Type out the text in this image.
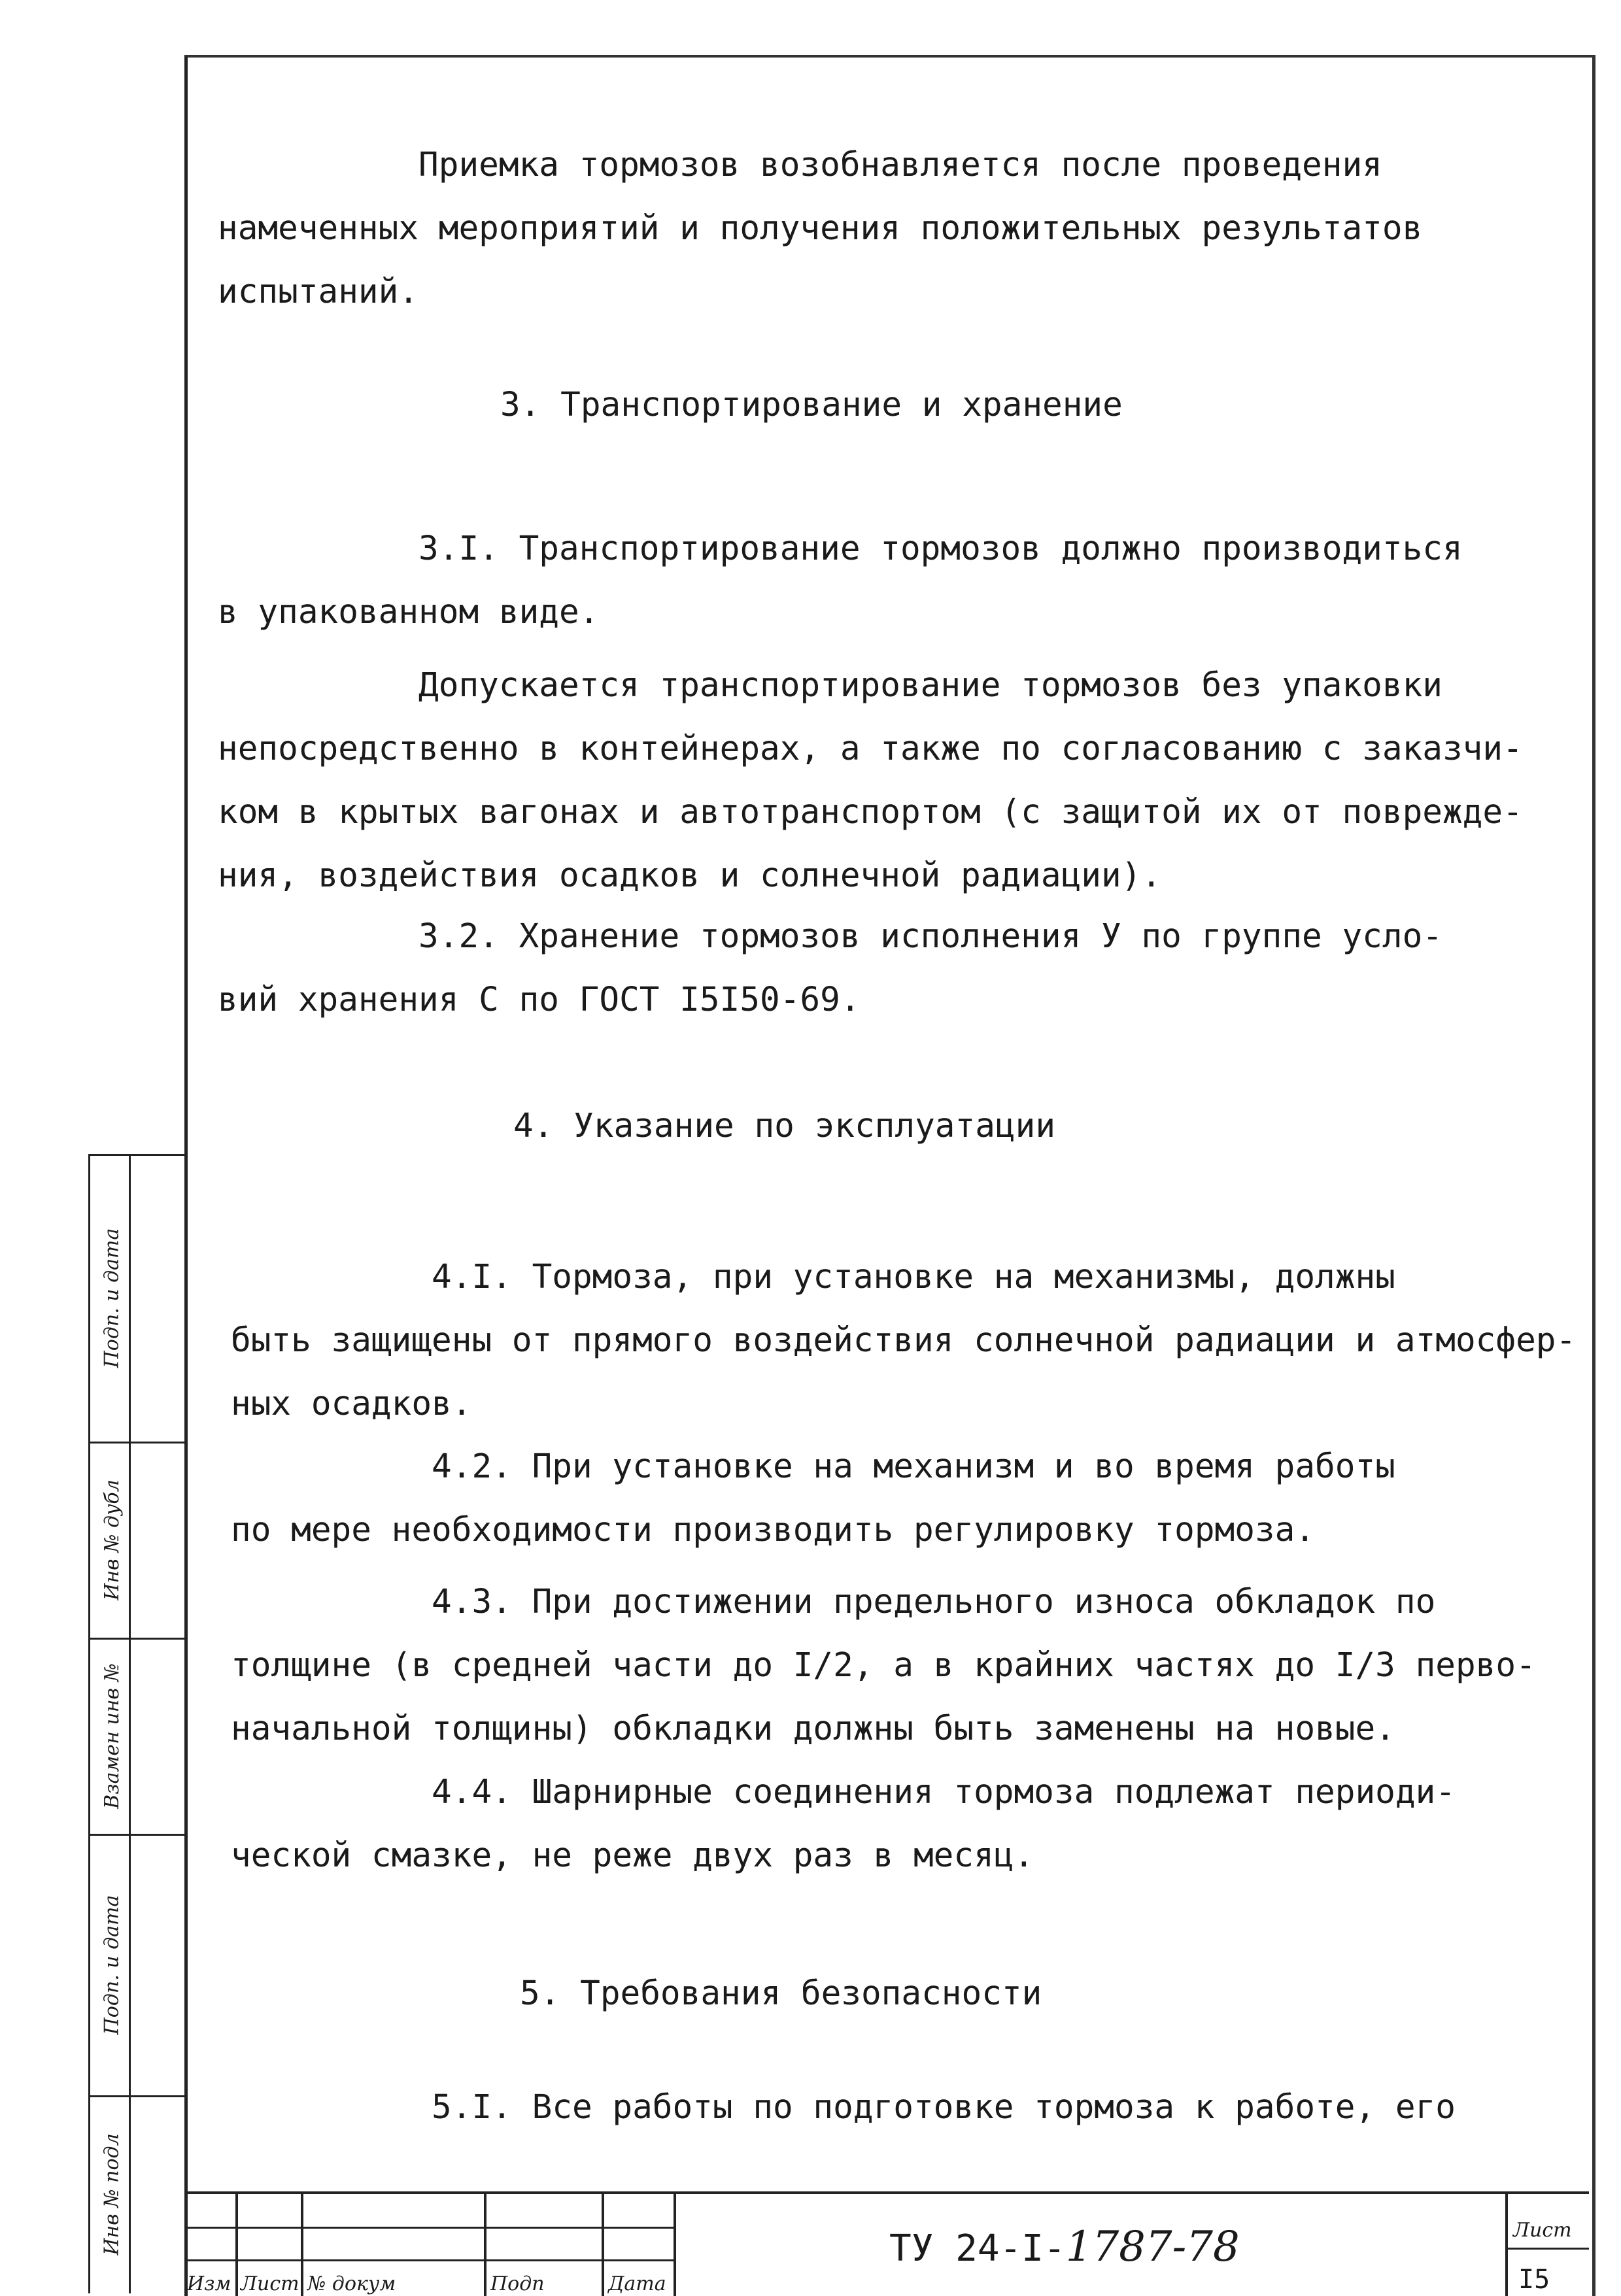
Приемка тормозов возобнавляется после проведения
намеченных мероприятий и получения положительных результатов
испытаний.

3. Транспортирование и хранение

3.I. Транспортирование тормозов должно производиться
в упакованном виде.

Допускается транспортирование тормозов без упаковки
непосредственно в контейнерах, а также по согласованию с заказчи-
ком в крытых вагонах и автотранспортом (с защитой их от поврежде-
ния, воздействия осадков и солнечной радиации).

3.2. Хранение тормозов исполнения У по группе усло-
вий хранения С по ГОСТ I5I50-69.

4. Указание по эксплуатации

4.I. Тормоза, при установке на механизмы, должны
быть защищены от прямого воздействия солнечной радиации и атмосфер-
ных осадков.

4.2. При установке на механизм и во время работы
по мере необходимости производить регулировку тормоза.

4.3. При достижении предельного износа обкладок по
толщине (в средней части до I/2, а в крайних частях до I/3 перво-
начальной толщины) обкладки должны быть заменены на новые.

4.4. Шарнирные соединения тормоза подлежат периоди-
ческой смазке, не реже двух раз в месяц.

5. Требования безопасности

5.I. Все работы по подготовке тормоза к работе, его

Инв № подл
Подп. и дата
Взамен инв №
Инв № дубл
Подп. и дата
Изм Лист № докум	Подп	Дата
Лист
I5
ТУ 24-I-1787-78
